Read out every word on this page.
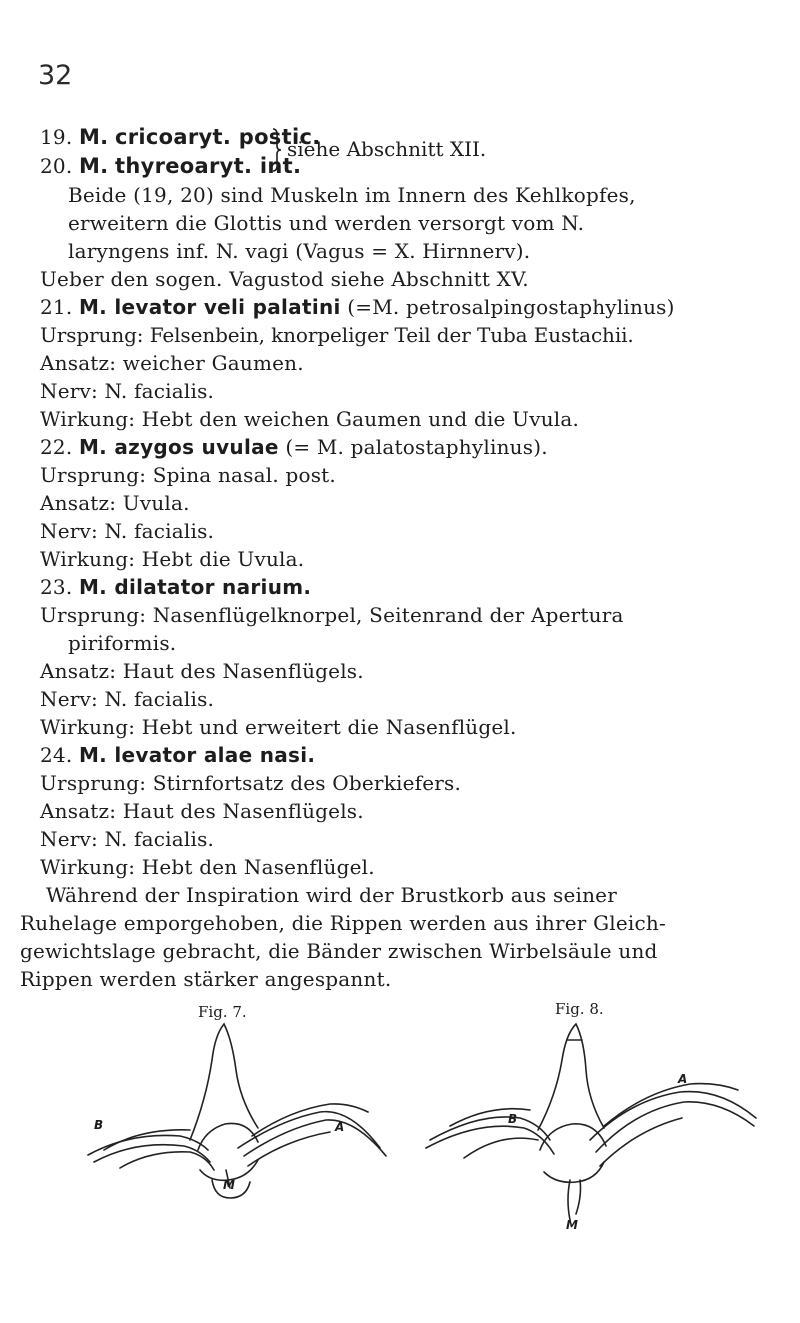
32
19. M. cricoaryt. postic.
20. M. thyreoaryt. int.
siehe Abschnitt XII.
Beide (19, 20) sind Muskeln im Innern des Kehlkopfes,
erweitern die Glottis und werden versorgt vom N.
laryngens inf. N. vagi (Vagus = X. Hirnnerv).
Ueber den sogen. Vagustod siehe Abschnitt XV.
21. M. levator veli palatini (=M. petrosalpingostaphylinus)
Ursprung: Felsenbein, knorpeliger Teil der Tuba Eustachii.
Ansatz: weicher Gaumen.
Nerv: N. facialis.
Wirkung: Hebt den weichen Gaumen und die Uvula.
22. M. azygos uvulae (= M. palatostaphylinus).
Ursprung: Spina nasal. post.
Ansatz: Uvula.
Nerv: N. facialis.
Wirkung: Hebt die Uvula.
23. M. dilatator narium.
Ursprung: Nasenflügelknorpel, Seitenrand der Apertura
piriformis.
Ansatz: Haut des Nasenflügels.
Nerv: N. facialis.
Wirkung: Hebt und erweitert die Nasenflügel.
24. M. levator alae nasi.
Ursprung: Stirnfortsatz des Oberkiefers.
Ansatz: Haut des Nasenflügels.
Nerv: N. facialis.
Wirkung: Hebt den Nasenflügel.
Während der Inspiration wird der Brustkorb aus seiner
Ruhelage emporgehoben, die Rippen werden aus ihrer Gleich-
gewichtslage gebracht, die Bänder zwischen Wirbelsäule und
Rippen werden stärker angespannt.
Fig. 7.
B	A
M
Fig. 8.
B
A
M
